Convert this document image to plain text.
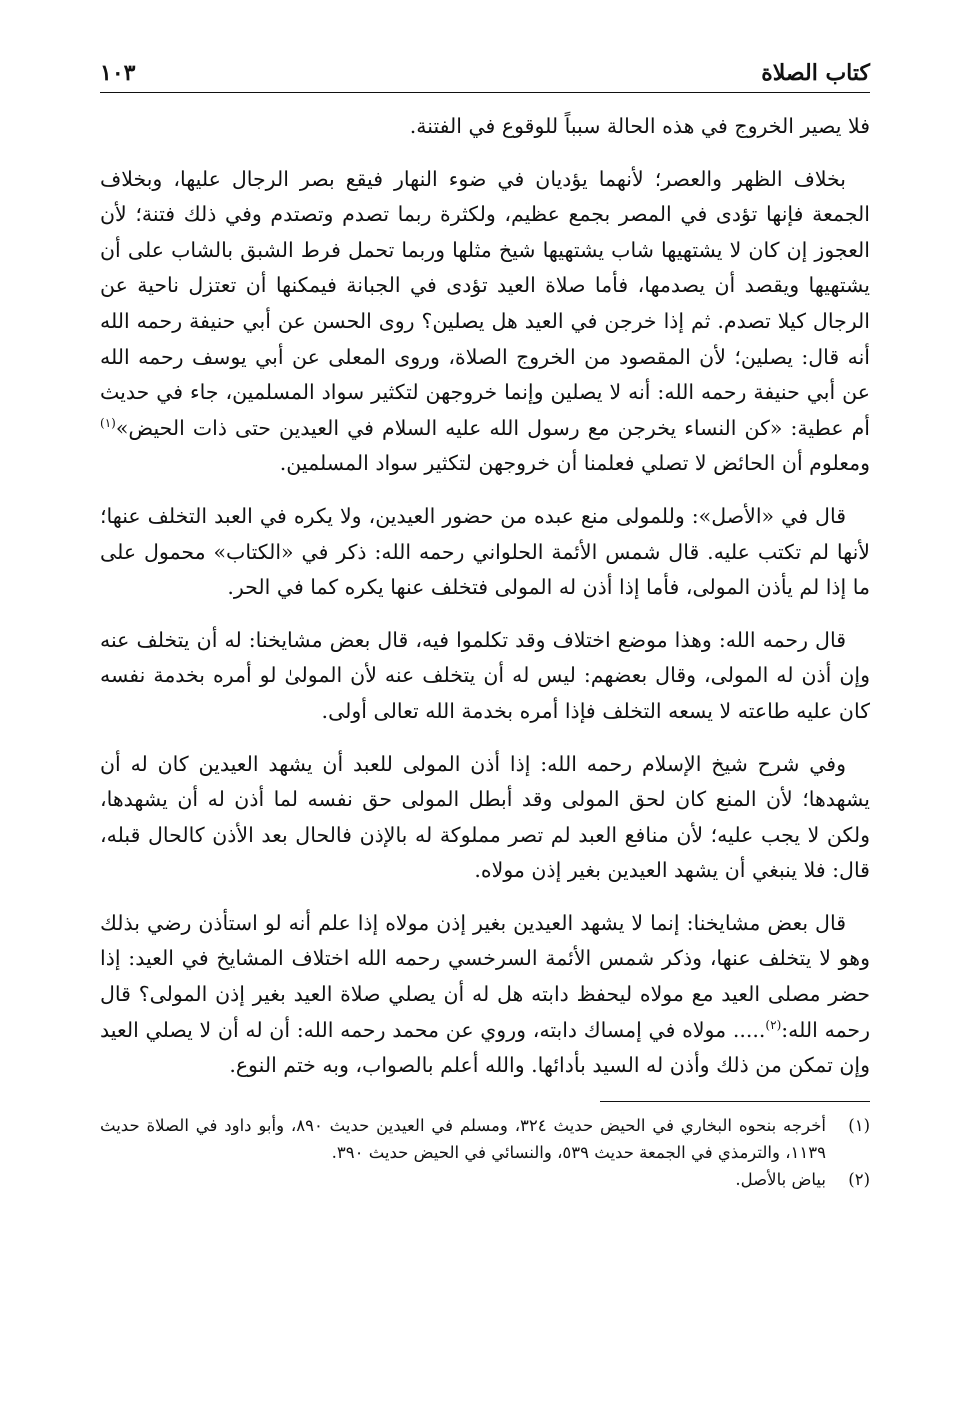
كتاب الصلاة
١٠٣

فلا يصير الخروج في هذه الحالة سبباً للوقوع في الفتنة.

بخلاف الظهر والعصر؛ لأنهما يؤديان في ضوء النهار فيقع بصر الرجال عليها، وبخلاف الجمعة فإنها تؤدى في المصر بجمع عظيم، ولكثرة ربما تصدم وتصتدم وفي ذلك فتنة؛ لأن العجوز إن كان لا يشتهيها شاب يشتهيها شيخ مثلها وربما تحمل فرط الشبق بالشاب على أن يشتهيها ويقصد أن يصدمها، فأما صلاة العيد تؤدى في الجبانة فيمكنها أن تعتزل ناحية عن الرجال كيلا تصدم. ثم إذا خرجن في العيد هل يصلين؟ روى الحسن عن أبي حنيفة رحمه الله أنه قال: يصلين؛ لأن المقصود من الخروج الصلاة، وروى المعلى عن أبي يوسف رحمه الله عن أبي حنيفة رحمه الله: أنه لا يصلين وإنما خروجهن لتكثير سواد المسلمين، جاء في حديث أم عطية: «كن النساء يخرجن مع رسول الله عليه السلام في العيدين حتى ذات الحيض»$^{(١)}$ ومعلوم أن الحائض لا تصلي فعلمنا أن خروجهن لتكثير سواد المسلمين.

قال في «الأصل»: وللمولى منع عبده من حضور العيدين، ولا يكره في العبد التخلف عنها؛ لأنها لم تكتب عليه. قال شمس الأئمة الحلواني رحمه الله: ذكر في «الكتاب» محمول على ما إذا لم يأذن المولى، فأما إذا أذن له المولى فتخلف عنها يكره كما في الحر.

قال رحمه الله: وهذا موضع اختلاف وقد تكلموا فيه، قال بعض مشايخنا: له أن يتخلف عنه وإن أذن له المولى، وقال بعضهم: ليس له أن يتخلف عنه لأن المولىٰ لو أمره بخدمة نفسه كان عليه طاعته لا يسعه التخلف فإذا أمره بخدمة الله تعالى أولى.

وفي شرح شيخ الإسلام رحمه الله: إذا أذن المولى للعبد أن يشهد العيدين كان له أن يشهدها؛ لأن المنع كان لحق المولى وقد أبطل المولى حق نفسه لما أذن له أن يشهدها، ولكن لا يجب عليه؛ لأن منافع العبد لم تصر مملوكة له بالإذن فالحال بعد الأذن كالحال قبله، قال: فلا ينبغي أن يشهد العيدين بغير إذن مولاه.

قال بعض مشايخنا: إنما لا يشهد العيدين بغير إذن مولاه إذا علم أنه لو استأذن رضي بذلك وهو لا يتخلف عنها، وذكر شمس الأئمة السرخسي رحمه الله اختلاف المشايخ في العيد: إذا حضر مصلى العيد مع مولاه ليحفظ دابته هل له أن يصلي صلاة العيد بغير إذن المولى؟ قال رحمه الله:$^{(٢)}$..... مولاه في إمساك دابته، وروي عن محمد رحمه الله: أن له أن لا يصلي العيد وإن تمكن من ذلك وأذن له السيد بأدائها. والله أعلم بالصواب، وبه ختم النوع.

(١)
أخرجه بنحوه البخاري في الحيض حديث ٣٢٤، ومسلم في العيدين حديث ٨٩٠، وأبو داود في الصلاة حديث ١١٣٩، والترمذي في الجمعة حديث ٥٣٩، والنسائي في الحيض حديث ٣٩٠.
(٢)
بياض بالأصل.
